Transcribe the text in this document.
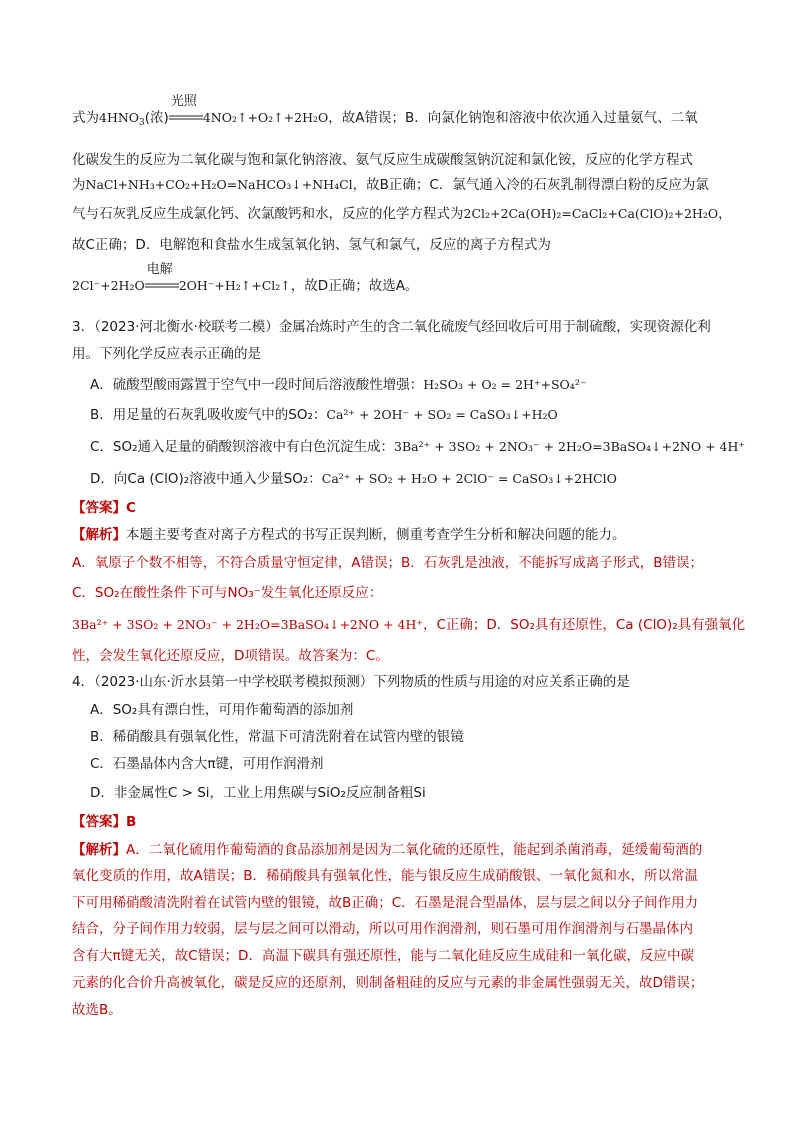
式为$4HNO_3$(浓)
光照
4NO₂↑+O₂↑+2H₂O，故A错误；B．向氯化钠饱和溶液中依次通入过量氨气、二氧
化碳发生的反应为二氧化碳与饱和氯化钠溶液、氨气反应生成碳酸氢钠沉淀和氯化铵，反应的化学方程式
为NaCl+NH₃+CO₂+H₂O=NaHCO₃↓+NH₄Cl，故B正确；C．氯气通入冷的石灰乳制得漂白粉的反应为氯
气与石灰乳反应生成氯化钙、次氯酸钙和水，反应的化学方程式为2Cl₂+2Ca(OH)₂=CaCl₂+Ca(ClO)₂+2H₂O，
故C正确；D．电解饱和食盐水生成氢氧化钠、氢气和氯气，反应的离子方程式为
2Cl⁻+2H₂O
电解
2OH⁻+H₂↑+Cl₂↑，故D正确；故选A。
3．（2023·河北衡水·校联考二模）金属冶炼时产生的含二氧化硫废气经回收后可用于制硫酸，实现资源化利
用。下列化学反应表示正确的是
A．硫酸型酸雨露置于空气中一段时间后溶液酸性增强：H₂SO₃ + O₂ = 2H⁺+SO₄²⁻
B．用足量的石灰乳吸收废气中的SO₂：Ca²⁺ + 2OH⁻ + SO₂ = CaSO₃↓+H₂O
C．SO₂通入足量的硝酸钡溶液中有白色沉淀生成：3Ba²⁺ + 3SO₂ + 2NO₃⁻ + 2H₂O=3BaSO₄↓+2NO + 4H⁺
D．向Ca (ClO)₂溶液中通入少量SO₂：Ca²⁺ + SO₂ + H₂O + 2ClO⁻ = CaSO₃↓+2HClO
【答案】C
【解析】本题主要考查对离子方程式的书写正误判断，侧重考查学生分析和解决问题的能力。
A．氧原子个数不相等，不符合质量守恒定律，A错误；B．石灰乳是浊液，不能拆写成离子形式，B错误；
C．SO₂在酸性条件下可与NO₃⁻发生氧化还原反应：
3Ba²⁺ + 3SO₂ + 2NO₃⁻ + 2H₂O=3BaSO₄↓+2NO + 4H⁺，C正确；D．SO₂具有还原性，Ca (ClO)₂具有强氧化
性，会发生氧化还原反应，D项错误。故答案为：C。
4．（2023·山东·沂水县第一中学校联考模拟预测）下列物质的性质与用途的对应关系正确的是
A．SO₂具有漂白性，可用作葡萄酒的添加剂
B．稀硝酸具有强氧化性，常温下可清洗附着在试管内壁的银镜
C．石墨晶体内含大π键，可用作润滑剂
D．非金属性C > Si，工业上用焦碳与SiO₂反应制备粗Si
【答案】B
【解析】A．二氧化硫用作葡萄酒的食品添加剂是因为二氧化硫的还原性，能起到杀菌消毒，延缓葡萄酒的
氧化变质的作用，故A错误；B．稀硝酸具有强氧化性，能与银反应生成硝酸银、一氧化氮和水，所以常温
下可用稀硝酸清洗附着在试管内壁的银镜，故B正确；C．石墨是混合型晶体，层与层之间以分子间作用力
结合，分子间作用力较弱，层与层之间可以滑动，所以可用作润滑剂，则石墨可用作润滑剂与石墨晶体内
含有大π键无关，故C错误；D．高温下碳具有强还原性，能与二氧化硅反应生成硅和一氧化碳，反应中碳
元素的化合价升高被氧化，碳是反应的还原剂，则制备粗硅的反应与元素的非金属性强弱无关，故D错误；
故选B。
